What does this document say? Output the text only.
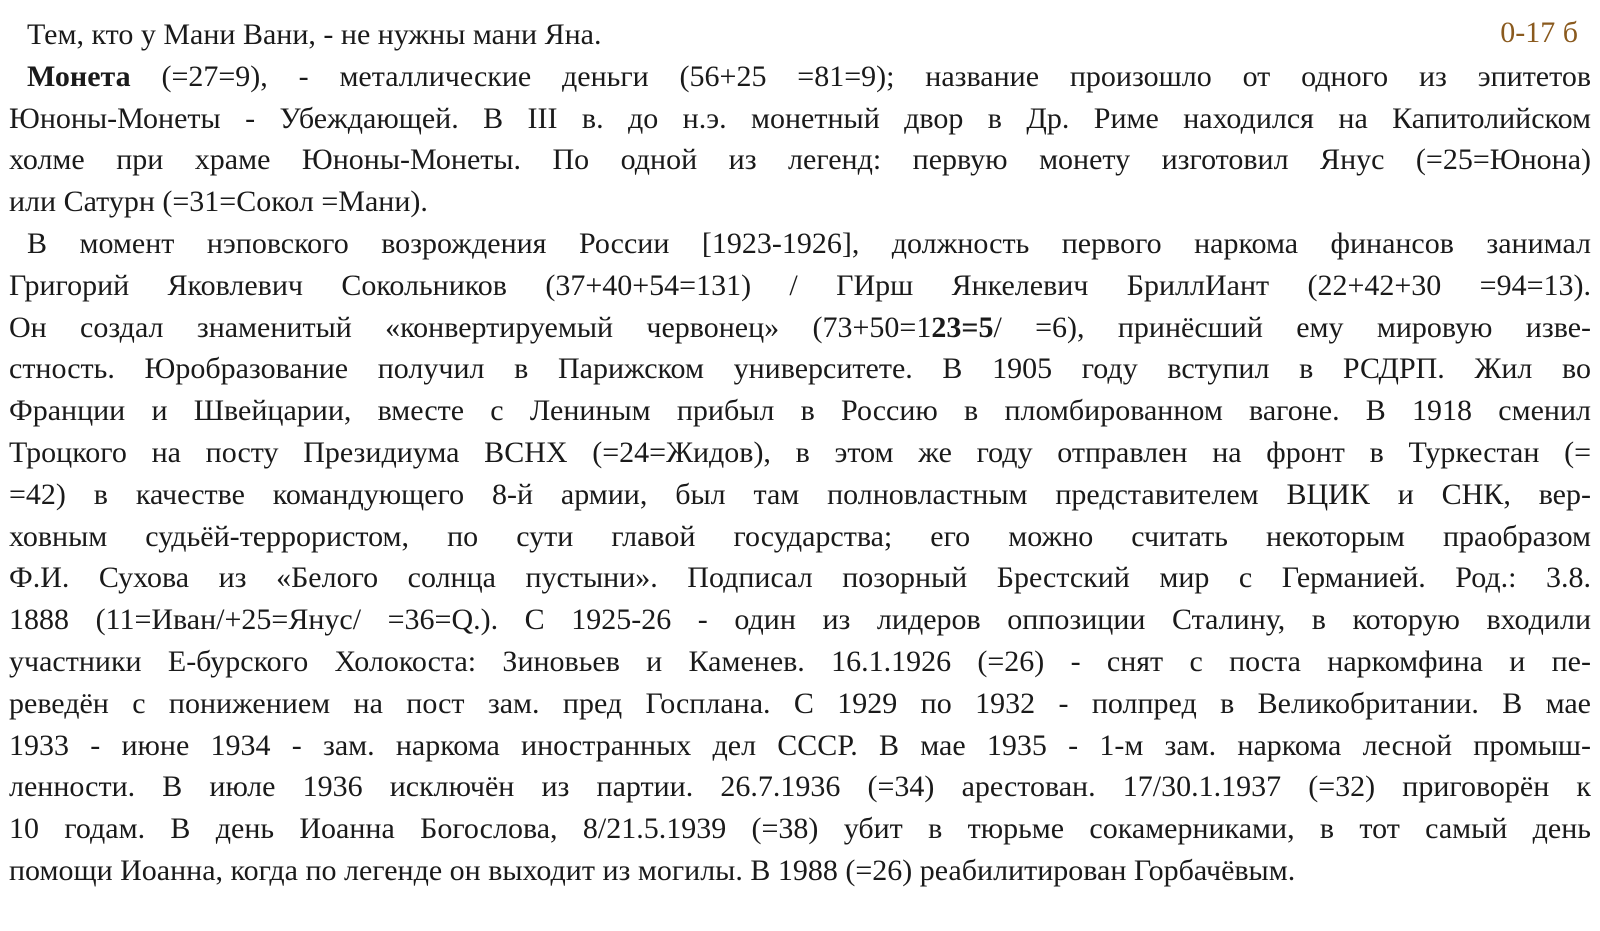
0-17 б
Тем, кто у Мани Вани, - не нужны мани Яна.
Монета (=27=9), - металлические деньги (56+25 =81=9); название произошло от одного из эпитетов
Юноны-Монеты - Убеждающей. В III в. до н.э. монетный двор в Др. Риме находился на Капитолийском
холме при храме Юноны-Монеты. По одной из легенд: первую монету изготовил Янус (=25=Юнона)
или Сатурн (=31=Сокол =Мани).
В момент нэповского возрождения России [1923-1926], должность первого наркома финансов занимал
Григорий Яковлевич Сокольников (37+40+54=131) / ГИрш Янкелевич БриллИант (22+42+30 =94=13).
Он создал знаменитый «конвертируемый червонец» (73+50=123=5/ =6), принёсший ему мировую изве-
стность. Юробразование получил в Парижском университете. В 1905 году вступил в РСДРП. Жил во
Франции и Швейцарии, вместе с Лениным прибыл в Россию в пломбированном вагоне. В 1918 сменил
Троцкого на посту Президиума ВСНХ (=24=Жидов), в этом же году отправлен на фронт в Туркестан (=
=42) в качестве командующего 8-й армии, был там полновластным представителем ВЦИК и СНК, вер-
ховным судьёй-террористом, по сути главой государства; его можно считать некоторым праобразом
Ф.И. Сухова из «Белого солнца пустыни». Подписал позорный Брестский мир с Германией. Род.: 3.8.
1888 (11=Иван/+25=Янус/ =36=Q.). С 1925-26 - один из лидеров оппозиции Сталину, в которую входили
участники Е-бурского Холокоста: Зиновьев и Каменев. 16.1.1926 (=26) - снят с поста наркомфина и пе-
реведён с понижением на пост зам. пред Госплана. С 1929 по 1932 - полпред в Великобритании. В мае
1933 - июне 1934 - зам. наркома иностранных дел СССР. В мае 1935 - 1-м зам. наркома лесной промыш-
ленности. В июле 1936 исключён из партии. 26.7.1936 (=34) арестован. 17/30.1.1937 (=32) приговорён к
10 годам. В день Иоанна Богослова, 8/21.5.1939 (=38) убит в тюрьме сокамерниками, в тот самый день
помощи Иоанна, когда по легенде он выходит из могилы. В 1988 (=26) реабилитирован Горбачёвым.
